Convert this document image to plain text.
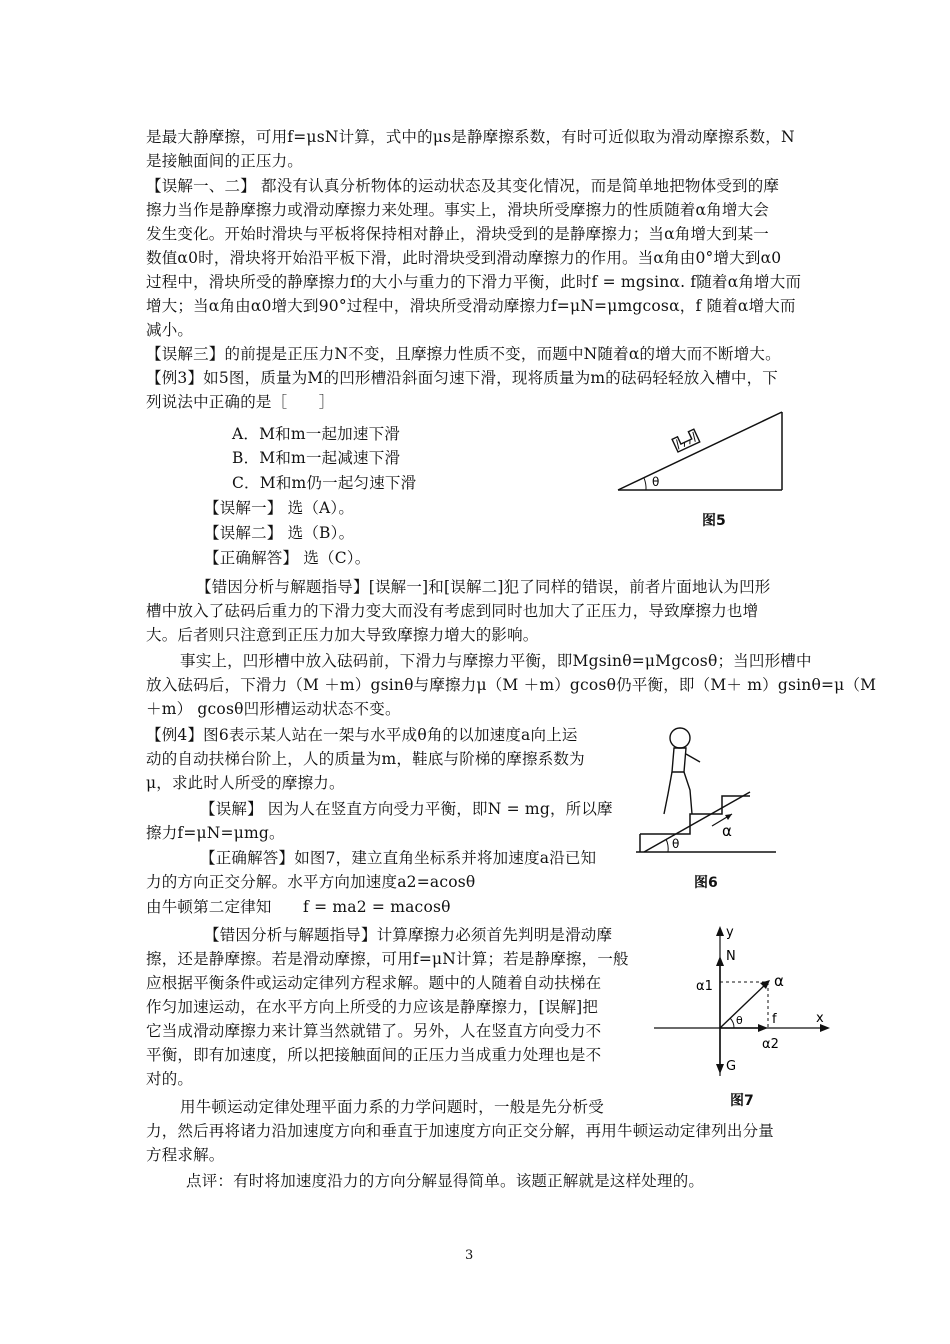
是最大静摩擦，可用f=μsN计算，式中的μs是静摩擦系数，有时可近似取为滑动摩擦系数，N
是接触面间的正压力。
【误解一、二】 都没有认真分析物体的运动状态及其变化情况，而是简单地把物体受到的摩
擦力当作是静摩擦力或滑动摩擦力来处理。事实上，滑块所受摩擦力的性质随着α角增大会
发生变化。开始时滑块与平板将保持相对静止，滑块受到的是静摩擦力；当α角增大到某一
数值α0时，滑块将开始沿平板下滑，此时滑块受到滑动摩擦力的作用。当α角由0°增大到α0
过程中，滑块所受的静摩擦力f的大小与重力的下滑力平衡，此时f = mgsinα. f随着α角增大而
增大；当α角由α0增大到90°过程中，滑块所受滑动摩擦力f=μN=μmgcosα，f 随着α增大而
减小。
【误解三】的前提是正压力N不变，且摩擦力性质不变，而题中N随着α的增大而不断增大。
【例3】如5图，质量为M的凹形槽沿斜面匀速下滑，现将质量为m的砝码轻轻放入槽中，下
列说法中正确的是［　　］
A．M和m一起加速下滑
B．M和m一起减速下滑
C．M和m仍一起匀速下滑
【误解一】 选（A）。
【误解二】 选（B）。
【正确解答】 选（C）。
【错因分析与解题指导】[误解一]和[误解二]犯了同样的错误，前者片面地认为凹形
槽中放入了砝码后重力的下滑力变大而没有考虑到同时也加大了正压力，导致摩擦力也增
大。后者则只注意到正压力加大导致摩擦力增大的影响。
事实上，凹形槽中放入砝码前，下滑力与摩擦力平衡，即Mgsinθ=μMgcosθ；当凹形槽中
放入砝码后，下滑力（M ＋m）gsinθ与摩擦力μ（M ＋m）gcosθ仍平衡，即（M＋ m）gsinθ=μ（M
＋m） gcosθ凹形槽运动状态不变。
【例4】图6表示某人站在一架与水平成θ角的以加速度a向上运
动的自动扶梯台阶上，人的质量为m，鞋底与阶梯的摩擦系数为
μ，求此时人所受的摩擦力。
【误解】 因为人在竖直方向受力平衡，即N = mg，所以摩
擦力f=μN=μmg。
【正确解答】如图7，建立直角坐标系并将加速度a沿已知
力的方向正交分解。水平方向加速度a2=acosθ
由牛顿第二定律知　　f = ma2 = macosθ
【错因分析与解题指导】计算摩擦力必须首先判明是滑动摩
擦，还是静摩擦。若是滑动摩擦，可用f=μN计算；若是静摩擦，一般
应根据平衡条件或运动定律列方程求解。题中的人随着自动扶梯在
作匀加速运动，在水平方向上所受的力应该是静摩擦力，[误解]把
它当成滑动摩擦力来计算当然就错了。另外，人在竖直方向受力不
平衡，即有加速度，所以把接触面间的正压力当成重力处理也是不
对的。
用牛顿运动定律处理平面力系的力学问题时，一般是先分析受
力，然后再将诸力沿加速度方向和垂直于加速度方向正交分解，再用牛顿运动定律列出分量
方程求解。
点评：有时将加速度沿力的方向分解显得简单。该题正解就是这样处理的。
θ
图5
α
θ
图6
y
x
N
G
f
α
α1
α2
θ
图7
3
